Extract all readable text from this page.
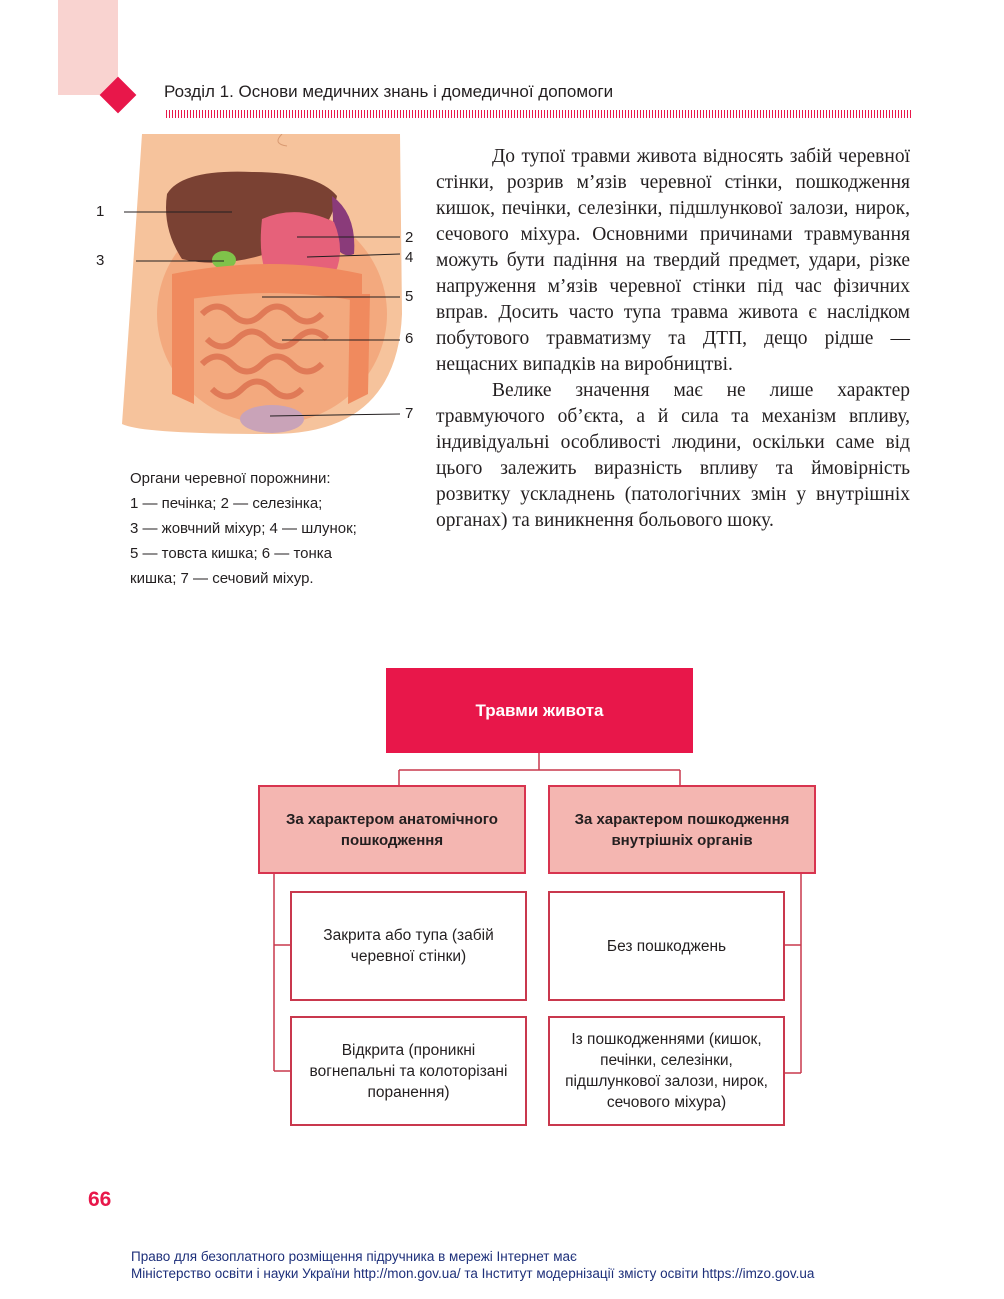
Розділ 1. Основи медичних знань і домедичної допомоги
1
2
3	4
5
6
7

Органи черевної порожнини:

1 — печінка; 2 — селезінка;

3 — жовчний міхур; 4 — шлунок;

5 — товста кишка; 6 — тонка

кишка; 7 — сечовий міхур.

До тупої травми живота відносять забій черевної стінки, розрив м’язів черевної стінки, пошкодження кишок, печінки, селезінки, підшлункової залози, нирок, сечового міхура. Основними причинами травмування можуть бути падіння на твердий предмет, удари, різке напруження м’язів черевної стінки під час фізичних вправ. Досить часто тупа травма живота є наслідком побутового травматизму та ДТП, дещо рідше — нещасних випадків на виробництві.

Велике значення має не лише характер травмуючого об’єкта, а й сила та механізм впливу, індивідуальні особливості людини, оскільки саме від цього залежить виразність впливу та ймовірність розвитку ускладнень (патологічних змін у внутрішніх органах) та виникнення больового шоку.

Травми живота
За характером анатомічного пошкодження
За характером пошкодження внутрішніх органів
Закрита або тупа (забій черевної стінки)
Відкрита (проникні вогнепальні та колоторізані поранення)
Без пошкоджень
Із пошкодженнями (кишок, печінки, селезінки, підшлункової залози, нирок, сечового міхура)
66
Право для безоплатного розміщення підручника в мережі Інтернет має
Міністерство освіти і науки України http://mon.gov.ua/ та Інститут модернізації змісту освіти https://imzo.gov.ua
